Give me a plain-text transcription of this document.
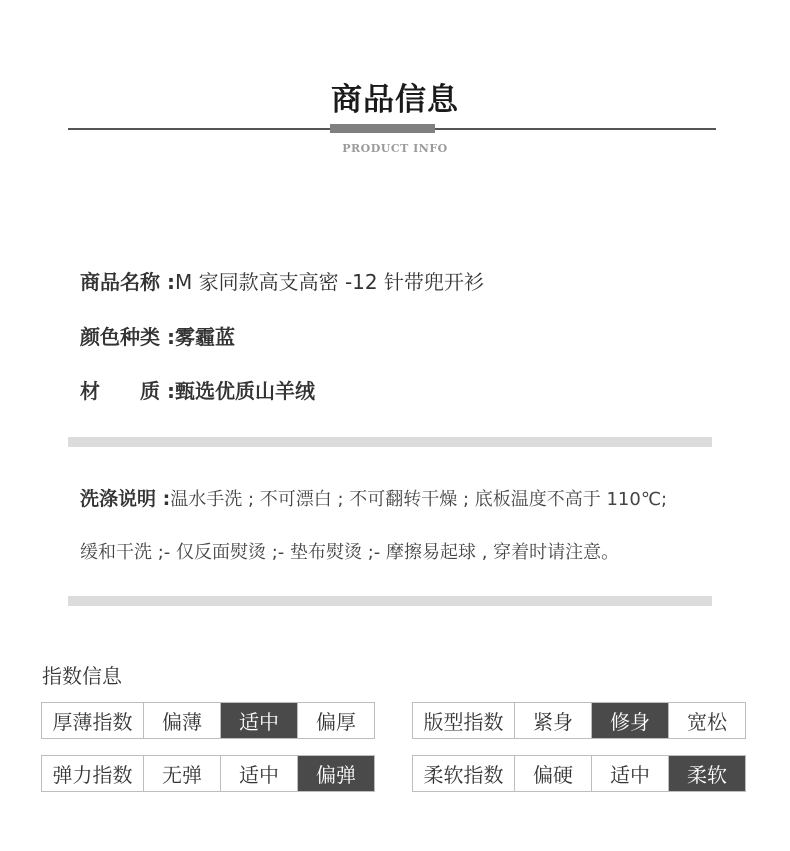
商品信息
PRODUCT INFO
商品名称 :M 家同款高支高密 -12 针带兜开衫
颜色种类 :雾霾蓝
材　　质 :甄选优质山羊绒
洗涤说明 :温水手洗 ; 不可漂白 ; 不可翻转干燥 ; 底板温度不高于 110℃;
缓和干洗 ;- 仅反面熨烫 ;- 垫布熨烫 ;- 摩擦易起球 , 穿着时请注意。
指数信息
厚薄指数	偏薄	适中	偏厚
弹力指数	无弹	适中	偏弹
版型指数	紧身	修身	宽松
柔软指数	偏硬	适中	柔软
